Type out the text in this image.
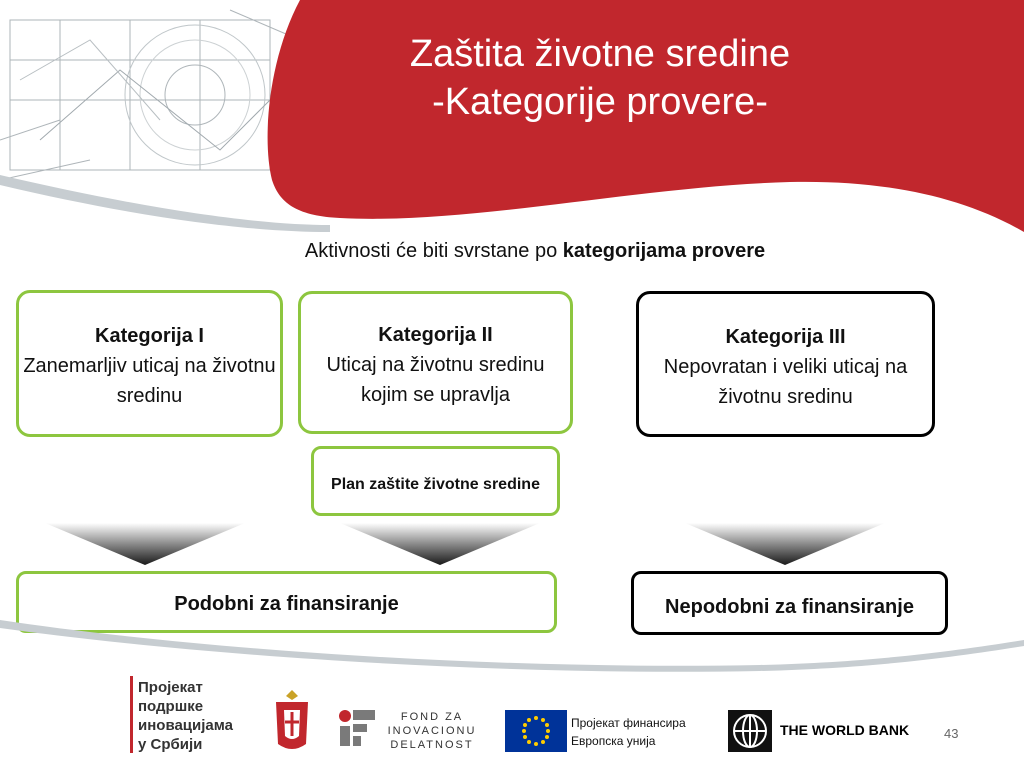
Zaštita životne sredine
-Kategorije provere-
Aktivnosti će biti svrstane po kategorijama provere
Kategorija I
Zanemarljiv uticaj na životnu sredinu
Kategorija II
Uticaj na životnu sredinu kojim se upravlja
Kategorija III
Nepovratan i veliki uticaj na životnu sredinu
Plan zaštite životne sredine
Podobni za finansiranje	Nepodobni za finansiranje
Пројекат
подршке
иновацијама
у Србији
FOND ZA
INOVACIONU
DELATNOST
Пројекат финансира
Европска унија
THE WORLD BANK	43
